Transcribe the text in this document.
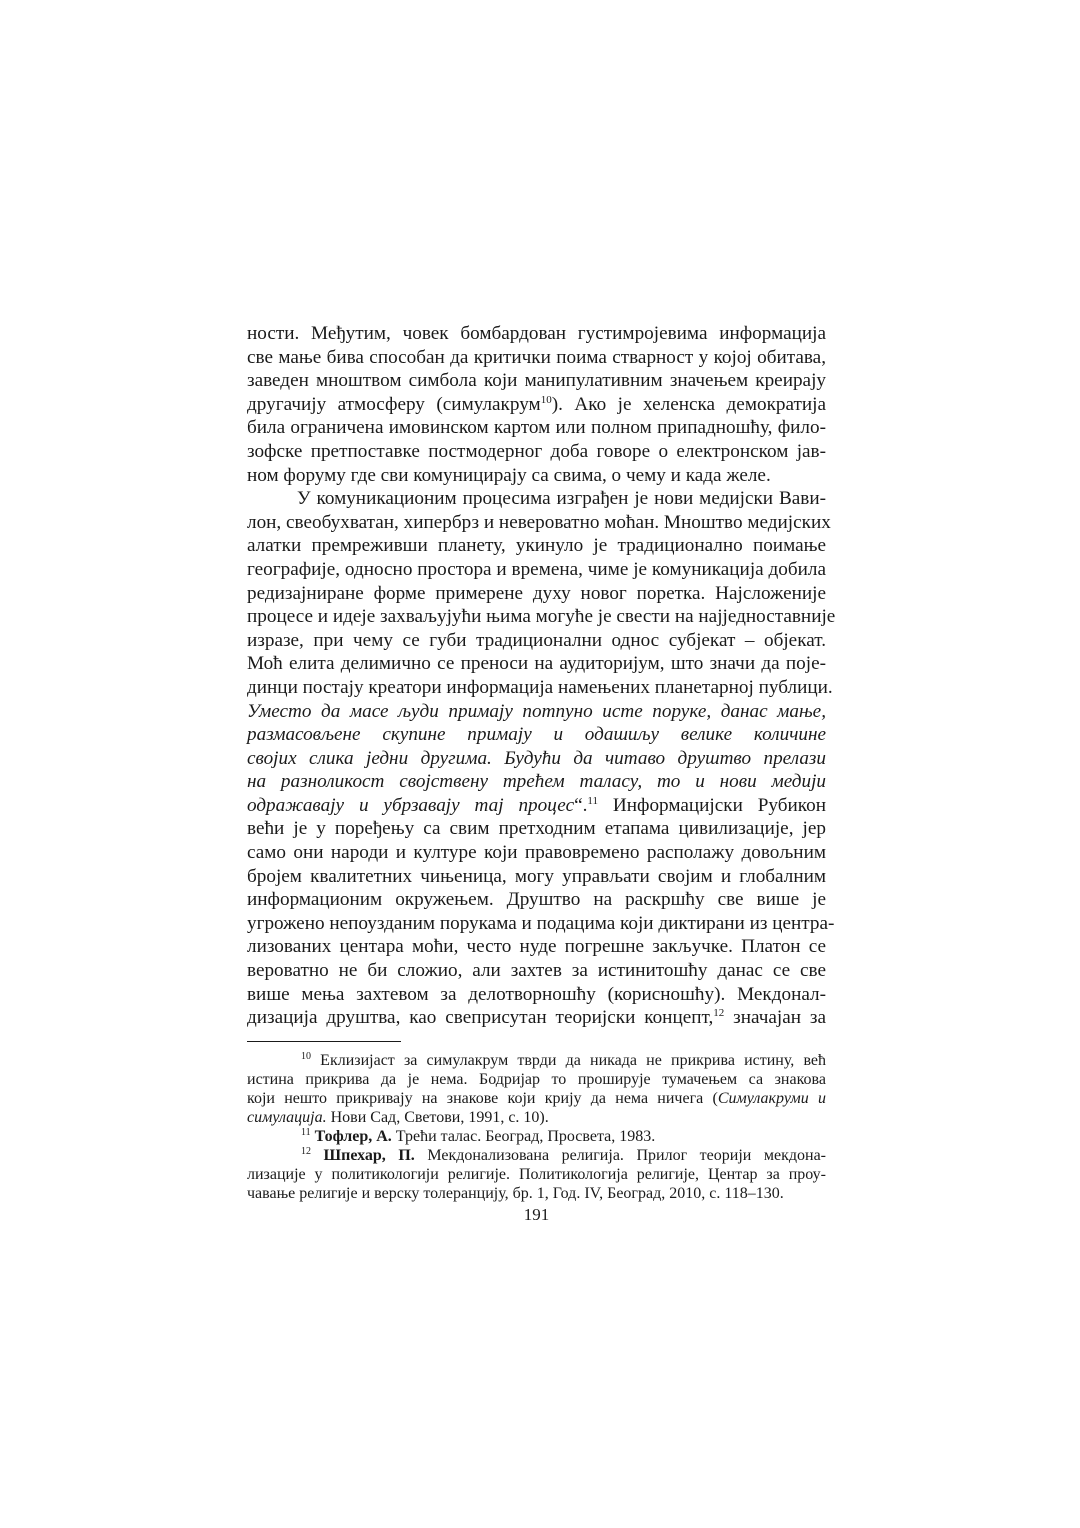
ности. Међутим, човек бомбардован густимројевима информација
све мање бива способан да критички поима стварност у којој обитава,
заведен мноштвом симбола који манипулативним значењем креирају
другачију атмосферу (симулакрум$^{10}$). Ако је хеленска демократија
била ограничена имовинском картом или полном припадношћу, фило-
зофске претпоставке постмодерног доба говоре о електронском јав-
ном форуму где сви комуницирају са свима, о чему и када желе.

У комуникационим процесима изграђен је нови медијски Вави-
лон, свеобухватан, хипербрз и невероватно моћан. Мноштво медијских
алатки премреживши планету, укинуло је традиционално поимање
географије, односно простора и времена, чиме је комуникација добила
редизајниране форме примерене духу новог поретка. Најсложеније
процесе и идеје захваљујући њима могуће је свести на најједноставније
изразе, при чему се губи традиционални однос субјекат – објекат.
Моћ елита делимично се преноси на аудиторијум, што значи да поје-
динци постају креатори информација намењених планетарној публици.
Уместо да масе људи примају потпуно исте поруке, данас мање,
размасовљене скупине примају и одашиљу велике количине
својих слика једни другима. Будући да читаво друштво прелази
на разноликост својствену трећем таласу, то и нови медији
одражавају и убрзавају тај процес“.$^{11}$ Информацијски Рубикон
већи је у поређењу са свим претходним етапама цивилизације, јер
само они народи и културе који правовремено располажу довољним
бројем квалитетних чињеница, могу управљати својим и глобалним
информационим окружењем. Друштво на раскршћу све више је
угрожено непоузданим порукама и подацима који диктирани из центра-
лизованих центара моћи, често нуде погрешне закључке. Платон се
вероватно не би сложио, али захтев за истинитошћу данас се све
више мења захтевом за делотворношћу (корисношћу). Мекдонал-
дизација друштва, као свеприсутан теоријски концепт,$^{12}$ значајан за

$^{10}$ Еклизијаст за симулакрум тврди да никада не прикрива истину, већ
истина прикрива да је нема. Бодријар то проширује тумачењем са знакова
који нешто прикривају на знакове који крију да нема ничега (Симулакруми и
симулација. Нови Сад, Светови, 1991, с. 10).
$^{11}$ Тофлер, А. Трећи талас. Београд, Просвета, 1983.
$^{12}$ Шпехар, П. Мекдонализована религија. Прилог теорији мекдона-
лизације у политикологији религије. Политикологија религије, Центар за проу-
чавање религије и верску толеранцију, бр. 1, Год. IV, Београд, 2010, с. 118–130.
191
